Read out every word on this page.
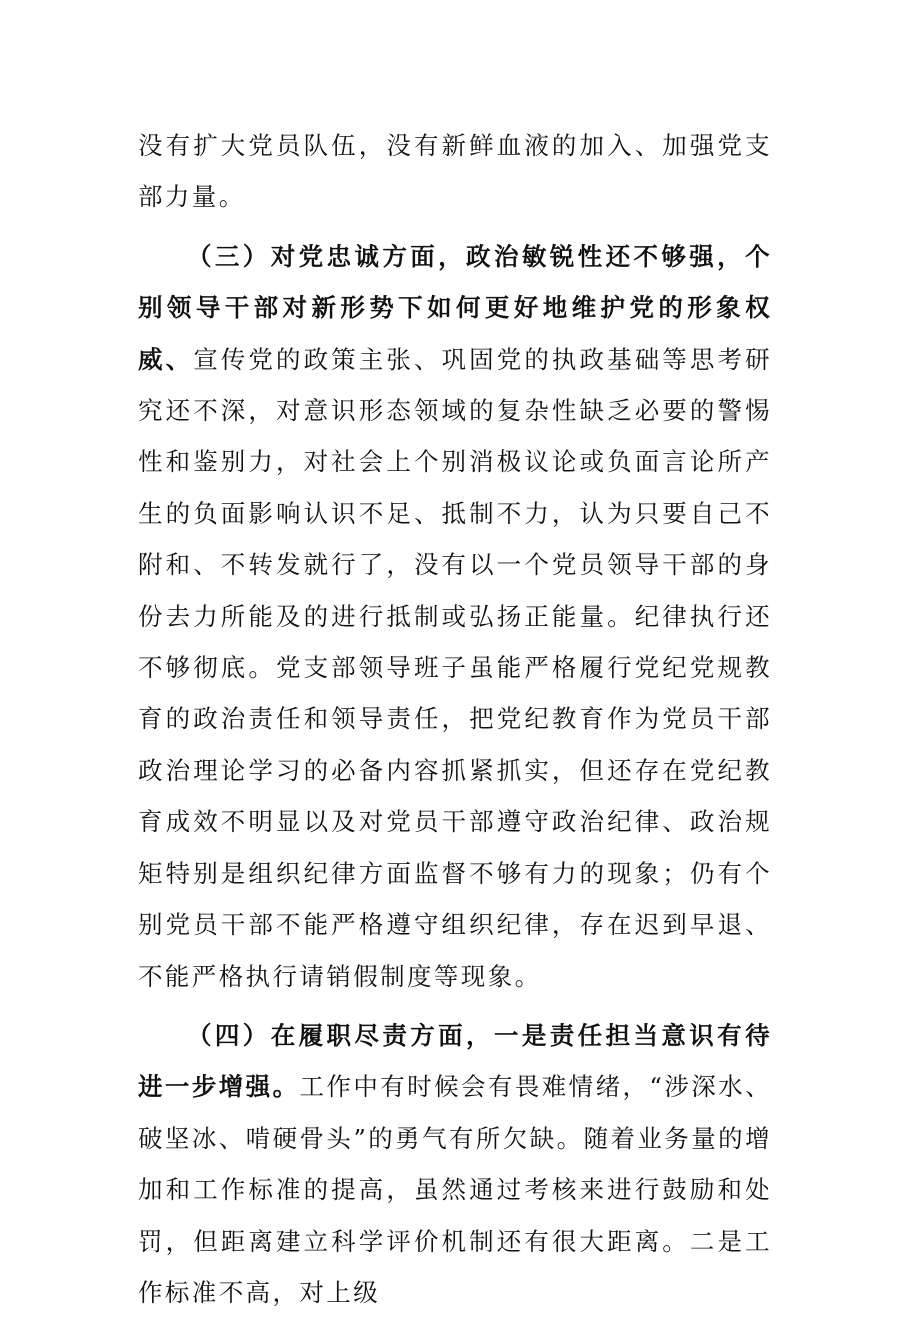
没有扩大党员队伍，没有新鲜血液的加入、加强党支部力量。

（三）对党忠诚方面，政治敏锐性还不够强，个别领导干部对新形势下如何更好地维护党的形象权威、宣传党的政策主张、巩固党的执政基础等思考研究还不深，对意识形态领域的复杂性缺乏必要的警惕性和鉴别力，对社会上个别消极议论或负面言论所产生的负面影响认识不足、抵制不力，认为只要自己不附和、不转发就行了，没有以一个党员领导干部的身份去力所能及的进行抵制或弘扬正能量。纪律执行还不够彻底。党支部领导班子虽能严格履行党纪党规教育的政治责任和领导责任，把党纪教育作为党员干部政治理论学习的必备内容抓紧抓实，但还存在党纪教育成效不明显以及对党员干部遵守政治纪律、政治规矩特别是组织纪律方面监督不够有力的现象；仍有个别党员干部不能严格遵守组织纪律，存在迟到早退、不能严格执行请销假制度等现象。

（四）在履职尽责方面，一是责任担当意识有待进一步增强。工作中有时候会有畏难情绪，“涉深水、破坚冰、啃硬骨头”的勇气有所欠缺。随着业务量的增加和工作标准的提高，虽然通过考核来进行鼓励和处罚，但距离建立科学评价机制还有很大距离。二是工作标准不高，对上级
